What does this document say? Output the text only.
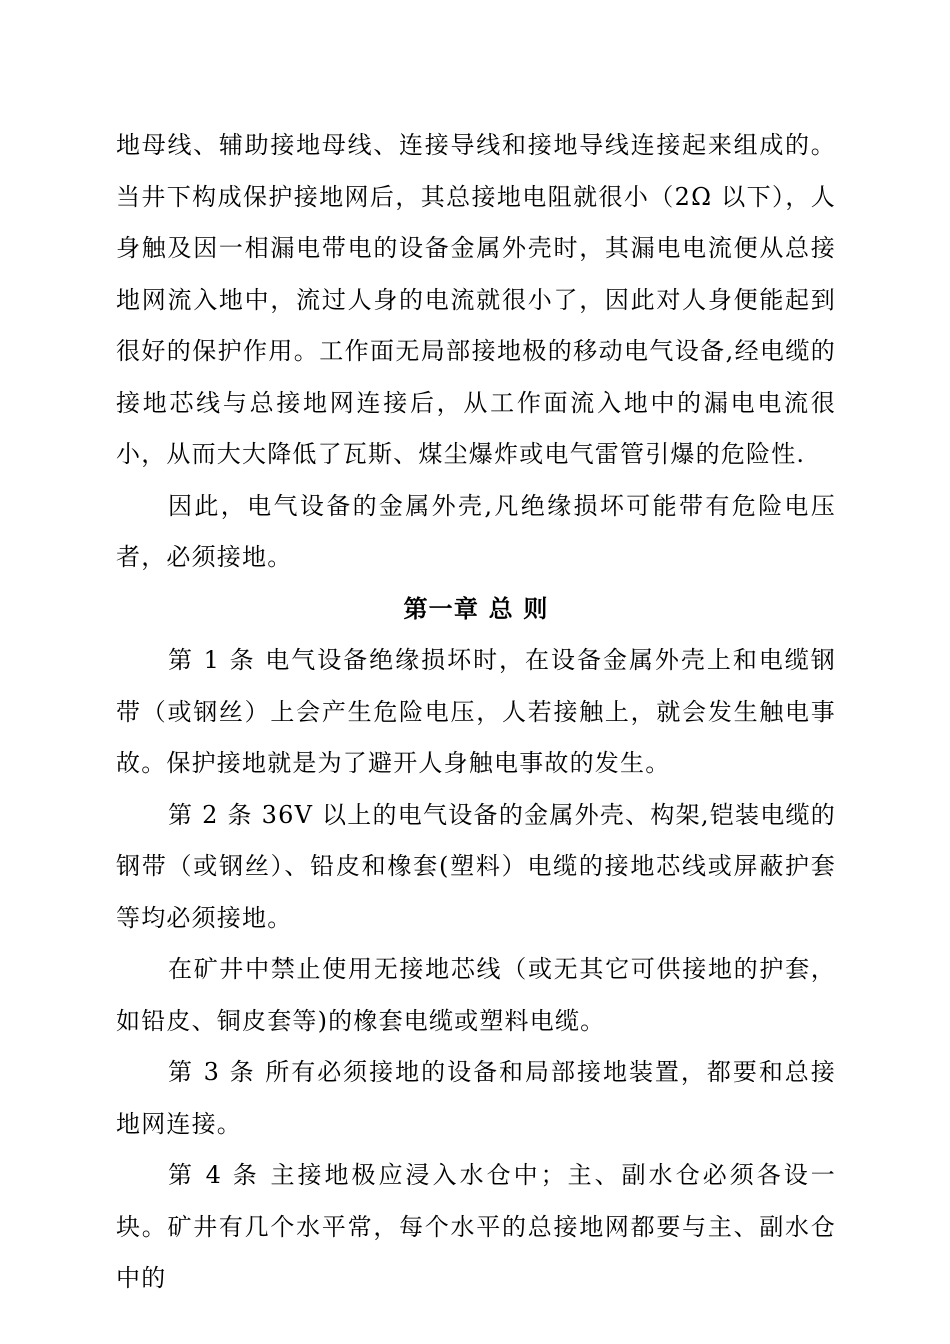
地母线、辅助接地母线、连接导线和接地导线连接起来组成的。当井下构成保护接地网后，其总接地电阻就很小（2Ω 以下），人身触及因一相漏电带电的设备金属外壳时，其漏电电流便从总接地网流入地中，流过人身的电流就很小了，因此对人身便能起到很好的保护作用。工作面无局部接地极的移动电气设备,经电缆的接地芯线与总接地网连接后，从工作面流入地中的漏电电流很小，从而大大降低了瓦斯、煤尘爆炸或电气雷管引爆的危险性.

因此，电气设备的金属外壳,凡绝缘损坏可能带有危险电压者，必须接地。

第一章 总 则

第 1 条 电气设备绝缘损坏时，在设备金属外壳上和电缆钢带（或钢丝）上会产生危险电压，人若接触上，就会发生触电事故。保护接地就是为了避开人身触电事故的发生。

第 2 条 36V 以上的电气设备的金属外壳、构架,铠装电缆的钢带（或钢丝）、铅皮和橡套(塑料）电缆的接地芯线或屏蔽护套等均必须接地。

在矿井中禁止使用无接地芯线（或无其它可供接地的护套，如铅皮、铜皮套等)的橡套电缆或塑料电缆。

第 3 条 所有必须接地的设备和局部接地装置，都要和总接地网连接。

第 4 条 主接地极应浸入水仓中；主、副水仓必须各设一块。矿井有几个水平常，每个水平的总接地网都要与主、副水仓中的
